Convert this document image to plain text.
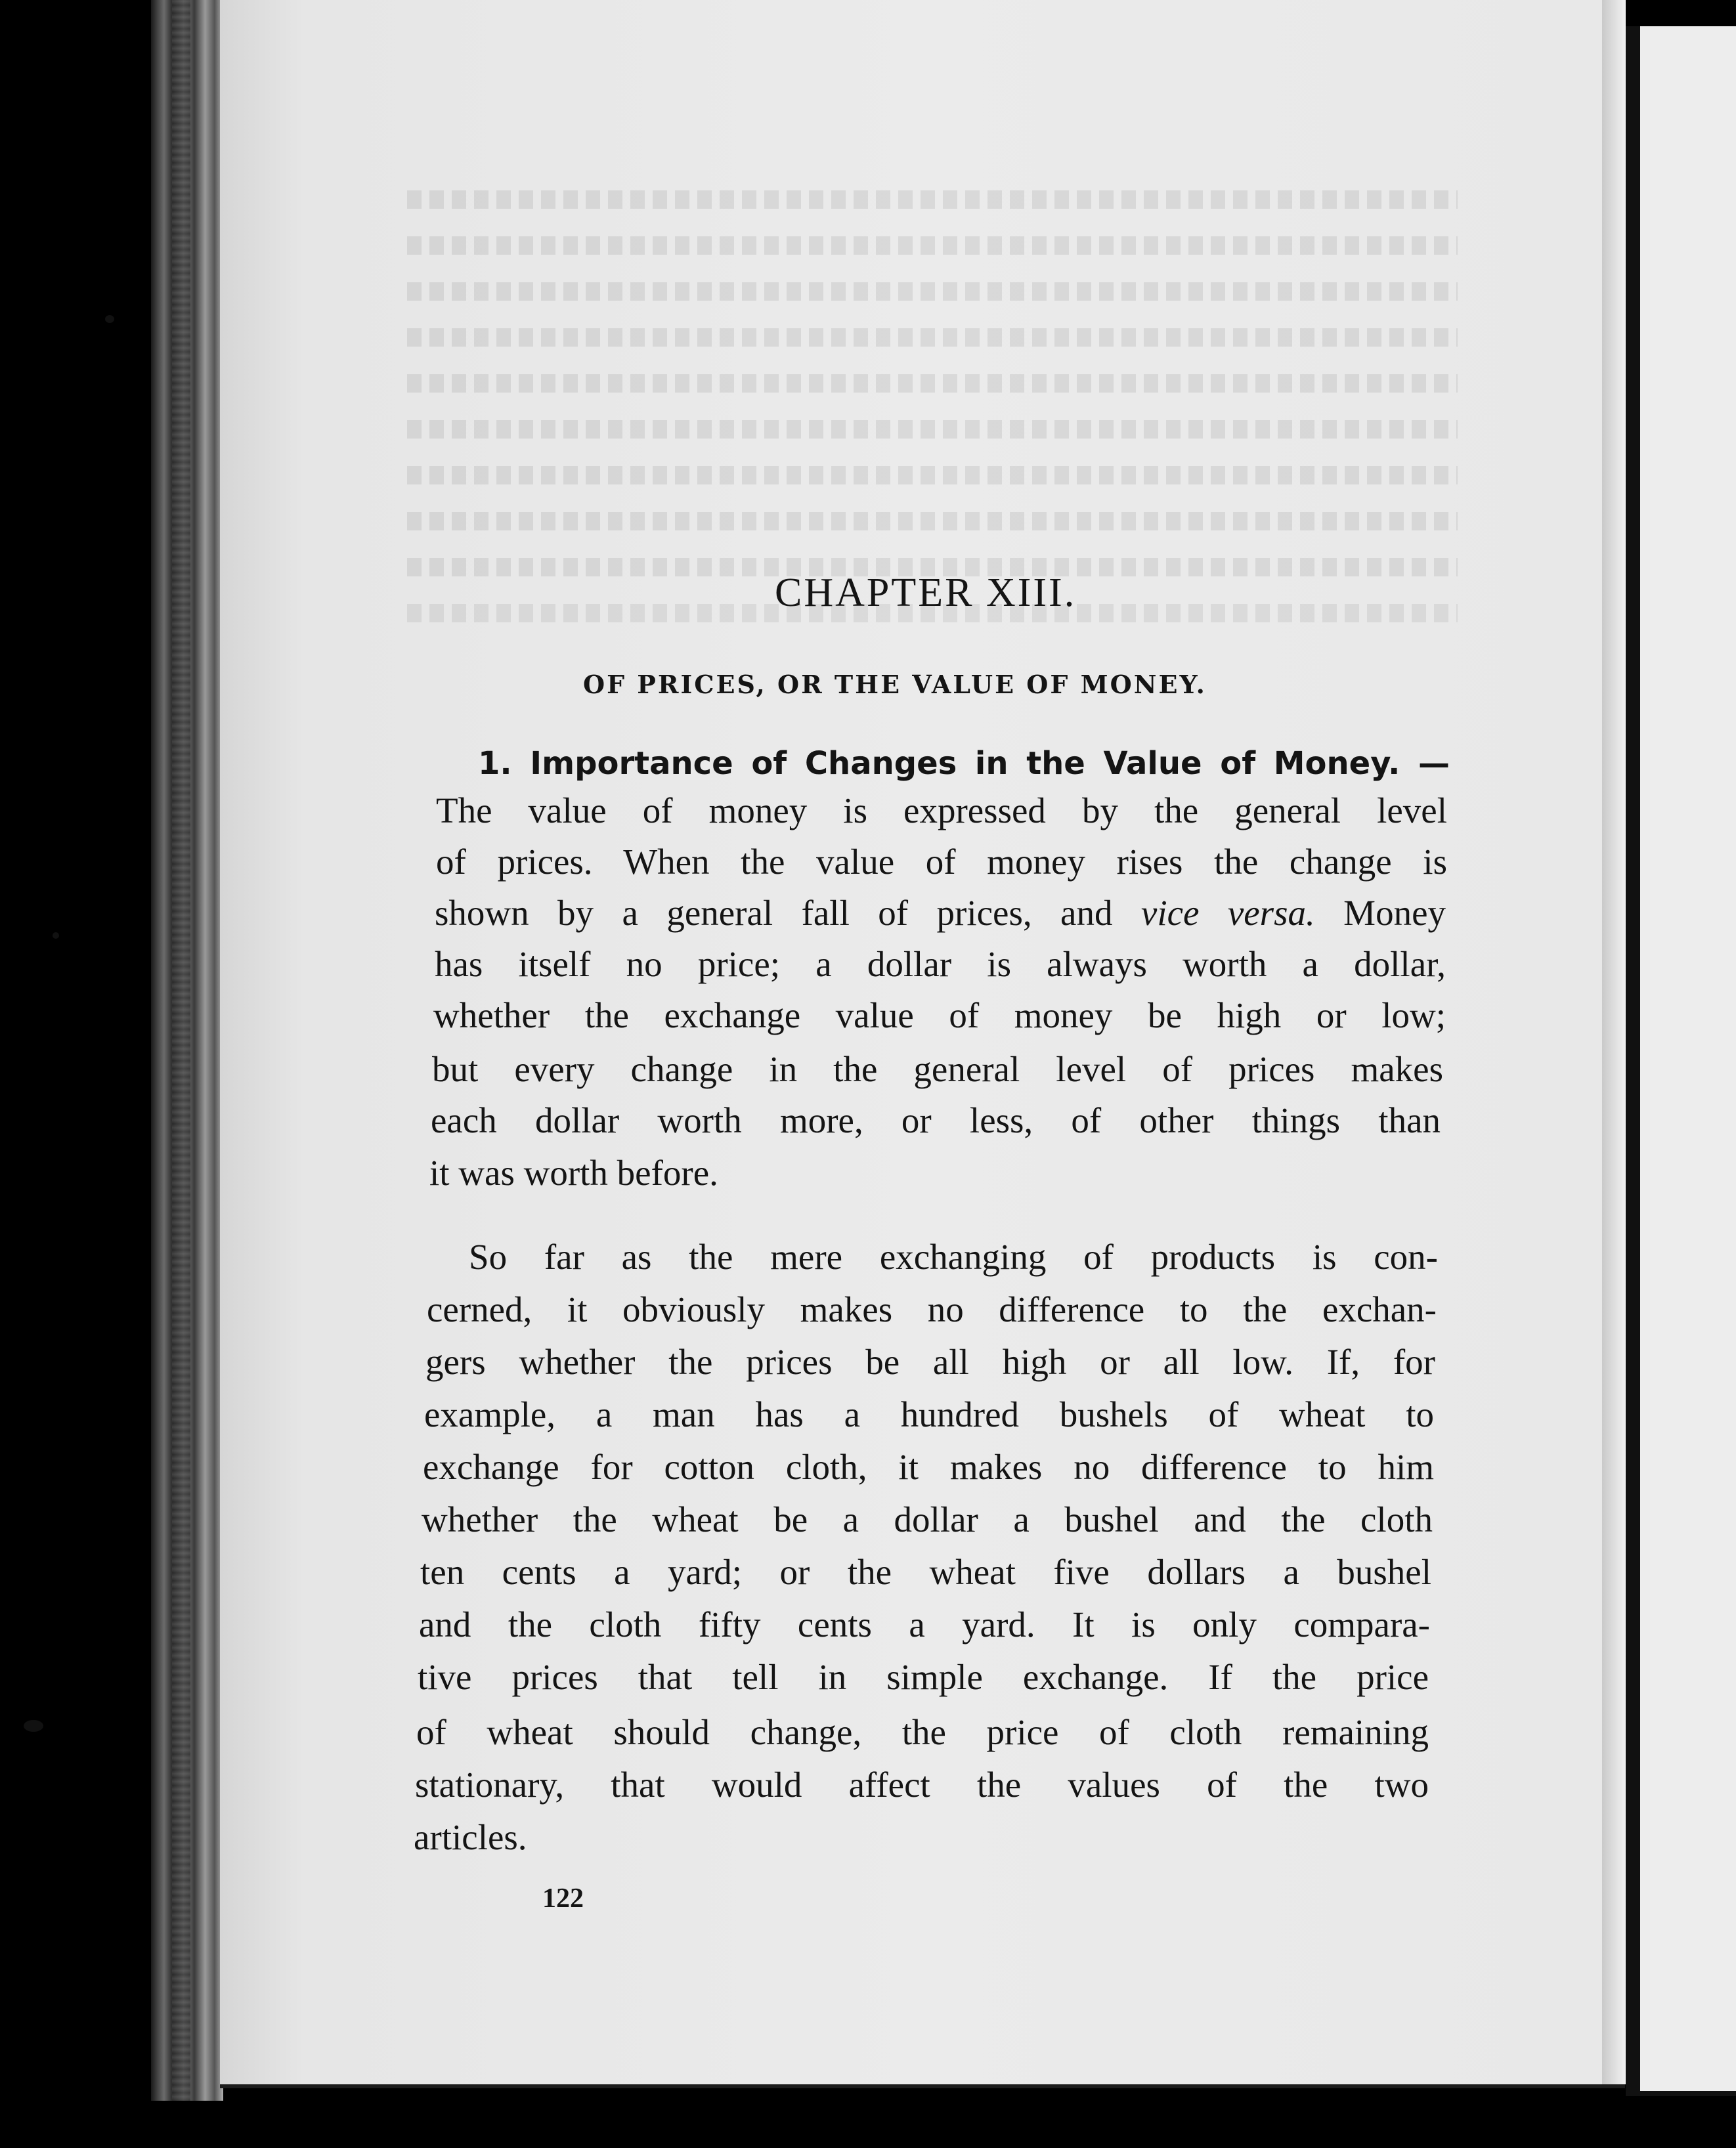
CHAPTER XIII.
OF PRICES, OR THE VALUE OF MONEY.
1. Importance of Changes in the Value of Money. —
The value of money is expressed by the general level
of prices. When the value of money rises the change is
shown by a general fall of prices, and vice versa. Money
has itself no price; a dollar is always worth a dollar,
whether the exchange value of money be high or low;
but every change in the general level of prices makes
each dollar worth more, or less, of other things than
it was worth before.
So far as the mere exchanging of products is con-
cerned, it obviously makes no difference to the exchan-
gers whether the prices be all high or all low. If, for
example, a man has a hundred bushels of wheat to
exchange for cotton cloth, it makes no difference to him
whether the wheat be a dollar a bushel and the cloth
ten cents a yard; or the wheat five dollars a bushel
and the cloth fifty cents a yard. It is only compara-
tive prices that tell in simple exchange. If the price
of wheat should change, the price of cloth remaining
stationary, that would affect the values of the two
articles.
122
